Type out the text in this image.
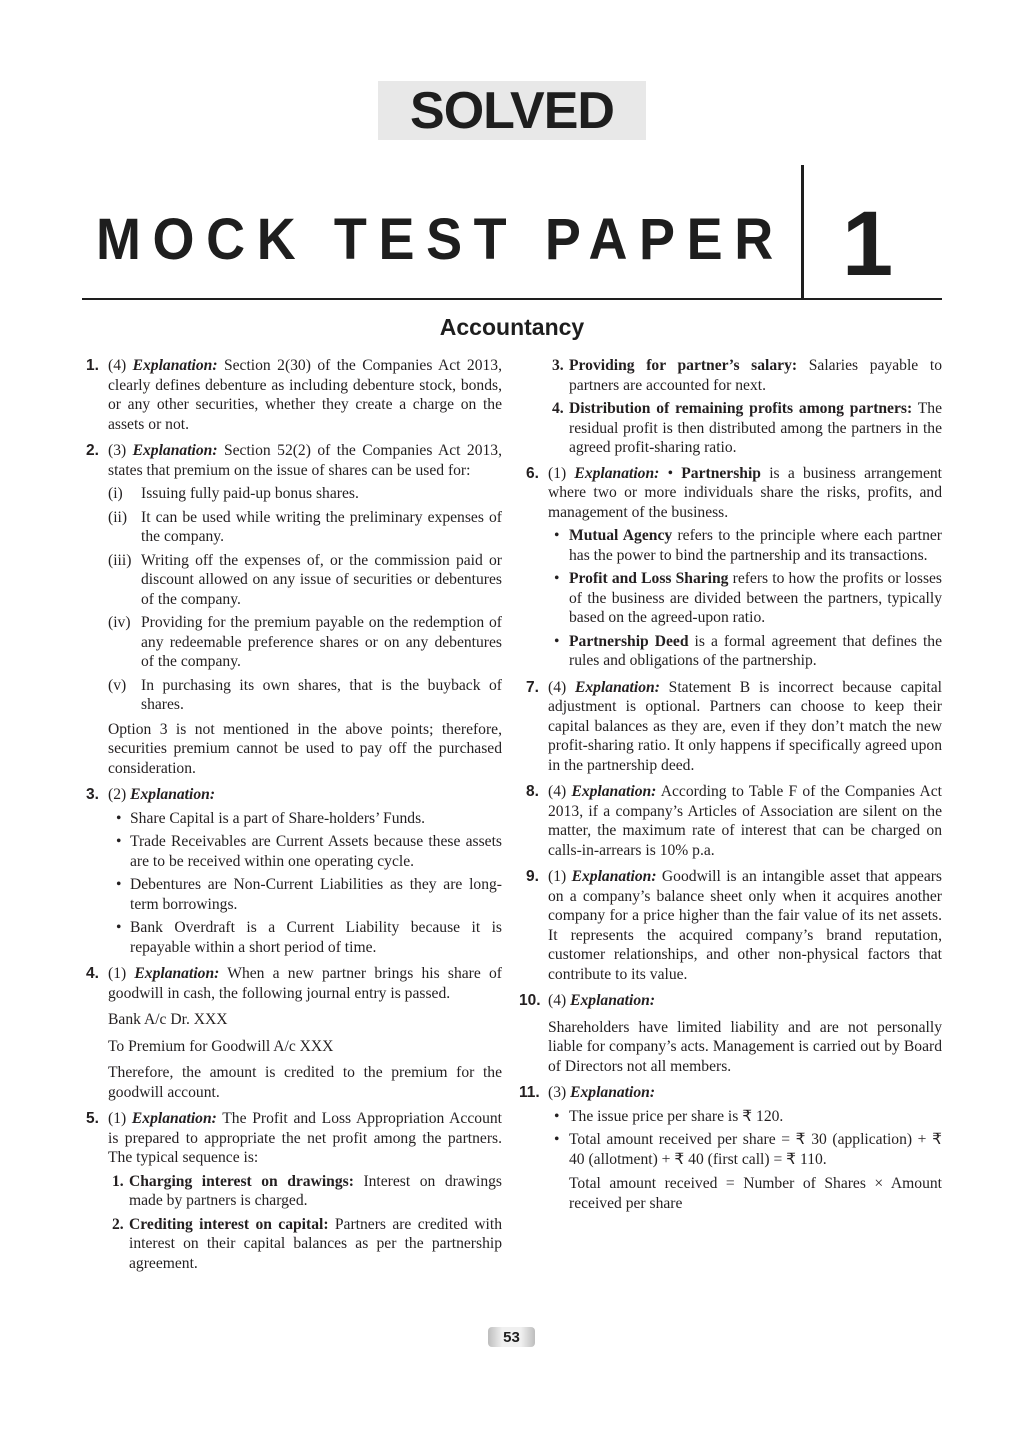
SOLVED
MOCK TEST PAPER 1
Accountancy
1. (4) Explanation: Section 2(30) of the Companies Act 2013, clearly defines debenture as including debenture stock, bonds, or any other securities, whether they create a charge on the assets or not.

2. (3) Explanation: Section 52(2) of the Companies Act 2013, states that premium on the issue of shares can be used for:

(i) Issuing fully paid-up bonus shares.
(ii) It can be used while writing the preliminary expenses of the company.
(iii) Writing off the expenses of, or the commission paid or discount allowed on any issue of securities or debentures of the company.
(iv) Providing for the premium payable on the redemption of any redeemable preference shares or on any debentures of the company.
(v) In purchasing its own shares, that is the buyback of shares.

Option 3 is not mentioned in the above points; therefore, securities premium cannot be used to pay off the purchased consideration.

3. (2) Explanation:

• Share Capital is a part of Share-holders’ Funds.
• Trade Receivables are Current Assets because these assets are to be received within one operating cycle.
• Debentures are Non-Current Liabilities as they are long-term borrowings.
• Bank Overdraft is a Current Liability because it is repayable within a short period of time.
4. (1) Explanation: When a new partner brings his share of goodwill in cash, the following journal entry is passed.

Bank A/c Dr. XXX

To Premium for Goodwill A/c XXX

Therefore, the amount is credited to the premium for the goodwill account.

5. (1) Explanation: The Profit and Loss Appropriation Account is prepared to appropriate the net profit among the partners. The typical sequence is:

1. Charging interest on drawings: Interest on drawings made by partners is charged.
2. Crediting interest on capital: Partners are credited with interest on their capital balances as per the partnership agreement.
3. Providing for partner’s salary: Salaries payable to partners are accounted for next.
4. Distribution of remaining profits among partners: The residual profit is then distributed among the partners in the agreed profit-sharing ratio.
6. (1) Explanation: • Partnership is a business arrangement where two or more individuals share the risks, profits, and management of the business.

• Mutual Agency refers to the principle where each partner has the power to bind the partnership and its transactions.
• Profit and Loss Sharing refers to how the profits or losses of the business are divided between the partners, typically based on the agreed-upon ratio.
• Partnership Deed is a formal agreement that defines the rules and obligations of the partnership.
7. (4) Explanation: Statement B is incorrect because capital adjustment is optional. Partners can choose to keep their capital balances as they are, even if they don’t match the new profit-sharing ratio. It only happens if specifically agreed upon in the partnership deed.

8. (4) Explanation: According to Table F of the Companies Act 2013, if a company’s Articles of Association are silent on the matter, the maximum rate of interest that can be charged on calls-in-arrears is 10% p.a.

9. (1) Explanation: Goodwill is an intangible asset that appears on a company’s balance sheet only when it acquires another company for a price higher than the fair value of its net assets. It represents the acquired company’s brand reputation, customer relationships, and other non-physical factors that contribute to its value.

10. (4) Explanation:

Shareholders have limited liability and are not personally liable for company’s acts. Management is carried out by Board of Directors not all members.

11. (3) Explanation:

• The issue price per share is ₹ 120.
• Total amount received per share = ₹ 30 (application) + ₹ 40 (allotment) + ₹ 40 (first call) = ₹ 110.

Total amount received = Number of Shares × Amount received per share

53
